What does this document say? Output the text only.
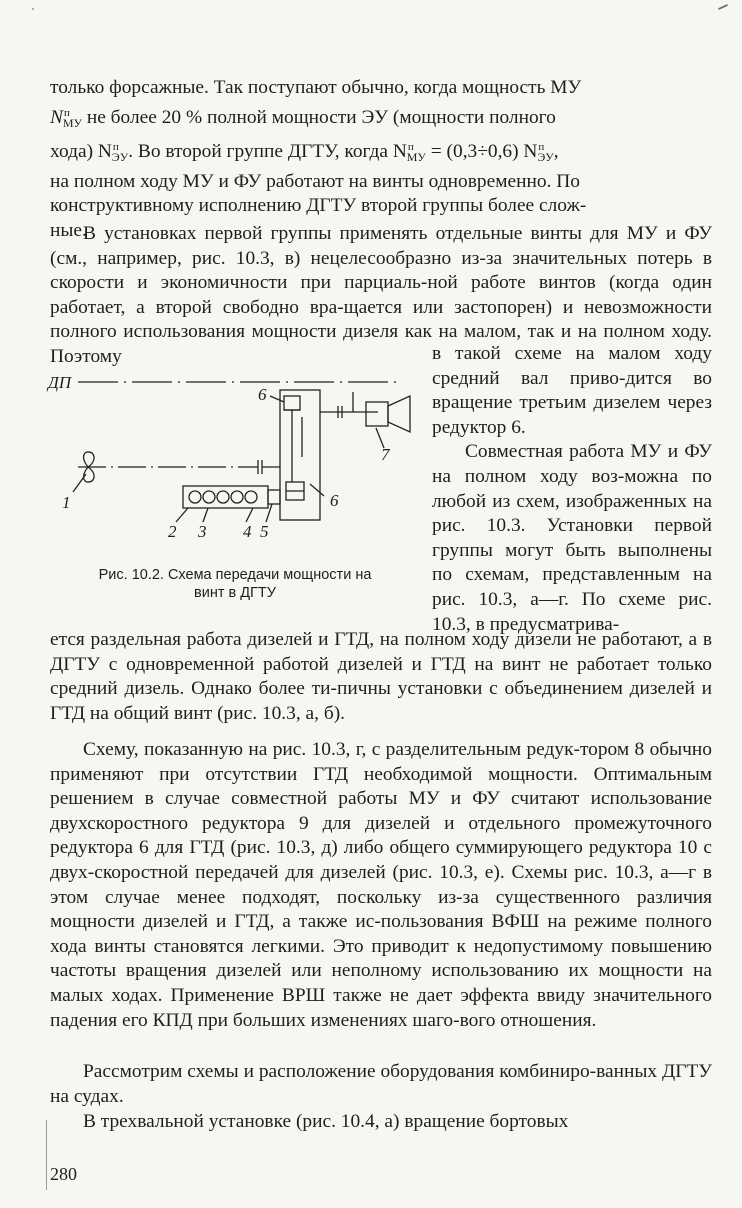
только форсажные. Так поступают обычно, когда мощность МУ
$N^п_{МУ}$ не более 20 % полной мощности ЭУ (мощности полного
хода) $N^п_{ЭУ}$. Во второй группе ДГТУ, когда $N^п_{МУ} = (0,3\div 0,6)$ $N^п_{ЭУ}$,
на полном ходу МУ и ФУ работают на винты одновременно. По
конструктивному исполнению ДГТУ второй группы более слож-
ные.

В установках первой группы применять отдельные винты для МУ и ФУ (см., например, рис. 10.3, в) нецелесообразно из-за значительных потерь в скорости и экономичности при парциаль-ной работе винтов (когда один работает, а второй свободно вра-щается или застопорен) и невозможности полного использования мощности дизеля как на малом, так и на полном ходу. Поэтому	в такой схеме на малом ходу средний вал приво-дится во вращение третьим дизелем через редуктор 6.
Совместная работа МУ и ФУ на полном ходу воз-можна по любой из схем, изображенных на рис. 10.3. Установки первой группы могут быть выполнены по схемам, представленным на рис. 10.3, а—г. По схеме рис. 10.3, в предусматрива-
ДП
1
2 3 4 5
6
6
7
Рис. 10.2. Схема передачи мощности на
винт в ДГТУ

ется раздельная работа дизелей и ГТД, на полном ходу дизели не работают, а в ДГТУ с одновременной работой дизелей и ГТД на винт не работает только средний дизель. Однако более ти-пичны установки с объединением дизелей и ГТД на общий винт (рис. 10.3, а, б).

Схему, показанную на рис. 10.3, г, с разделительным редук-тором 8 обычно применяют при отсутствии ГТД необходимой мощности. Оптимальным решением в случае совместной работы МУ и ФУ считают использование двухскоростного редуктора 9 для дизелей и отдельного промежуточного редуктора 6 для ГТД (рис. 10.3, д) либо общего суммирующего редуктора 10 с двух-скоростной передачей для дизелей (рис. 10.3, е). Схемы рис. 10.3, а—г в этом случае менее подходят, поскольку из-за существенного различия мощности дизелей и ГТД, а также ис-пользования ВФШ на режиме полного хода винты становятся легкими. Это приводит к недопустимому повышению частоты вращения дизелей или неполному использованию их мощности на малых ходах. Применение ВРШ также не дает эффекта ввиду значительного падения его КПД при больших изменениях шаго-вого отношения.

Рассмотрим схемы и расположение оборудования комбиниро-ванных ДГТУ на судах.

В трехвальной установке (рис. 10.4, а) вращение бортовых

280
